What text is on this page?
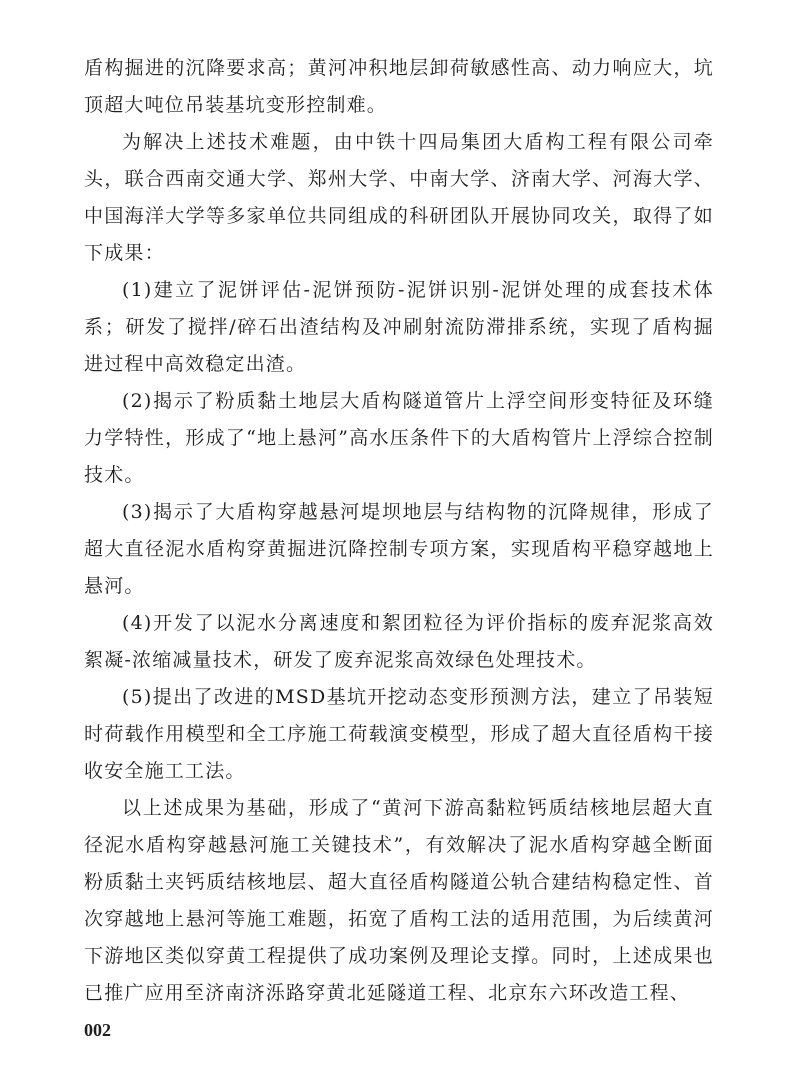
盾构掘进的沉降要求高；黄河冲积地层卸荷敏感性高、动力响应大，坑顶超大吨位吊装基坑变形控制难。

为解决上述技术难题，由中铁十四局集团大盾构工程有限公司牵头，联合西南交通大学、郑州大学、中南大学、济南大学、河海大学、中国海洋大学等多家单位共同组成的科研团队开展协同攻关，取得了如下成果：

(1)建立了泥饼评估-泥饼预防-泥饼识别-泥饼处理的成套技术体系；研发了搅拌/碎石出渣结构及冲刷射流防滞排系统，实现了盾构掘进过程中高效稳定出渣。

(2)揭示了粉质黏土地层大盾构隧道管片上浮空间形变特征及环缝力学特性，形成了“地上悬河”高水压条件下的大盾构管片上浮综合控制技术。

(3)揭示了大盾构穿越悬河堤坝地层与结构物的沉降规律，形成了超大直径泥水盾构穿黄掘进沉降控制专项方案，实现盾构平稳穿越地上悬河。

(4)开发了以泥水分离速度和絮团粒径为评价指标的废弃泥浆高效絮凝-浓缩减量技术，研发了废弃泥浆高效绿色处理技术。

(5)提出了改进的MSD基坑开挖动态变形预测方法，建立了吊装短时荷载作用模型和全工序施工荷载演变模型，形成了超大直径盾构干接收安全施工工法。

以上述成果为基础，形成了“黄河下游高黏粒钙质结核地层超大直径泥水盾构穿越悬河施工关键技术”，有效解决了泥水盾构穿越全断面粉质黏土夹钙质结核地层、超大直径盾构隧道公轨合建结构稳定性、首次穿越地上悬河等施工难题，拓宽了盾构工法的适用范围，为后续黄河下游地区类似穿黄工程提供了成功案例及理论支撑。同时，上述成果也已推广应用至济南济泺路穿黄北延隧道工程、北京东六环改造工程、

002
